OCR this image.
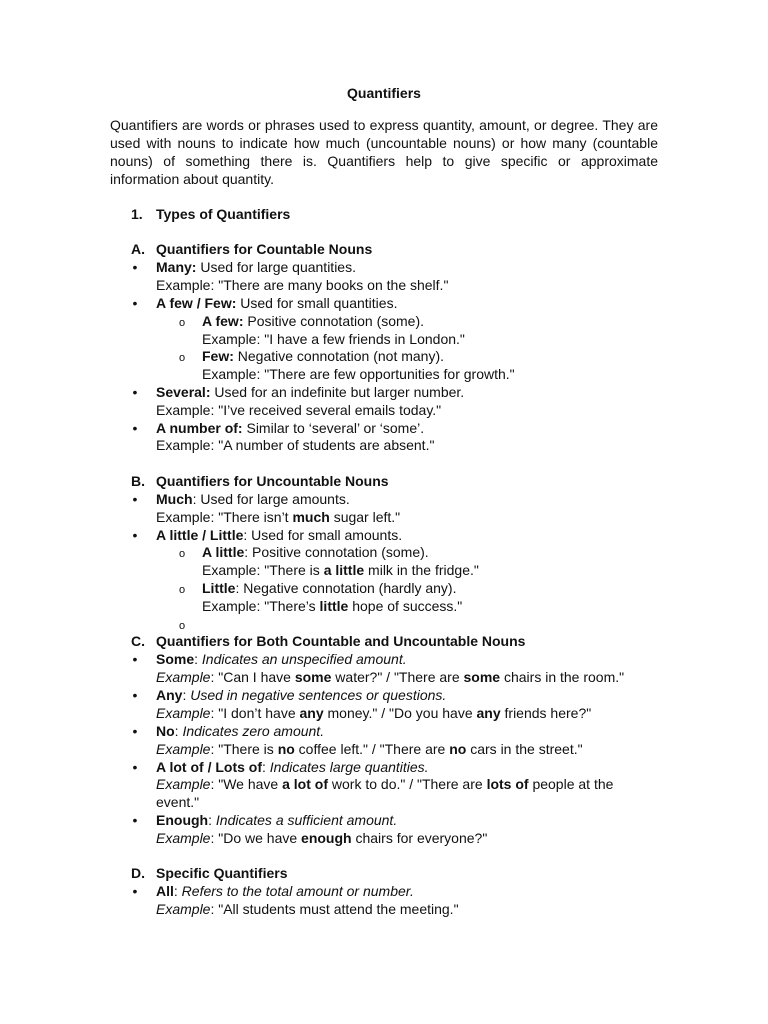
Quantifiers

Quantifiers are words or phrases used to express quantity, amount, or degree. They are used with nouns to indicate how much (uncountable nouns) or how many (countable nouns) of something there is. Quantifiers help to give specific or approximate information about quantity.

1. Types of Quantifiers
A. Quantifiers for Countable Nouns
•
Many: Used for large quantities.
Example: "There are many books on the shelf."
•
A few / Few: Used for small quantities.
o
A few: Positive connotation (some).
Example: "I have a few friends in London."
o
Few: Negative connotation (not many).
Example: "There are few opportunities for growth."
•
Several: Used for an indefinite but larger number.
Example: "I’ve received several emails today."
•
A number of: Similar to ‘several’ or ‘some’.
Example: "A number of students are absent."
B. Quantifiers for Uncountable Nouns
•
Much: Used for large amounts.
Example: "There isn’t much sugar left."
•
A little / Little: Used for small amounts.
o
A little: Positive connotation (some).
Example: "There is a little milk in the fridge."
o
Little: Negative connotation (hardly any).
Example: "There’s little hope of success."
o
C. Quantifiers for Both Countable and Uncountable Nouns
•
Some: Indicates an unspecified amount.
Example: "Can I have some water?" / "There are some chairs in the room."
•
Any: Used in negative sentences or questions.
Example: "I don’t have any money." / "Do you have any friends here?"
•
No: Indicates zero amount.
Example: "There is no coffee left." / "There are no cars in the street."
•
A lot of / Lots of: Indicates large quantities.
Example: "We have a lot of work to do." / "There are lots of people at the
event."
•
Enough: Indicates a sufficient amount.
Example: "Do we have enough chairs for everyone?"
D. Specific Quantifiers
•
All: Refers to the total amount or number.
Example: "All students must attend the meeting."
